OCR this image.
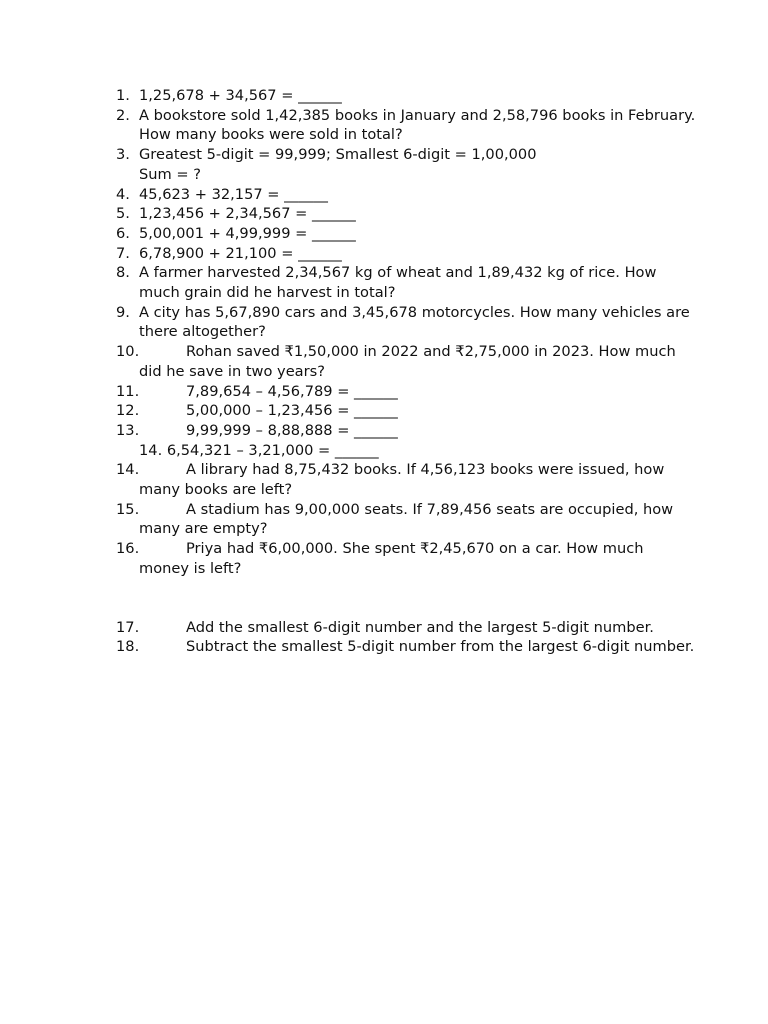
1. 1,25,678 + 34,567 = ______
2. A bookstore sold 1,42,385 books in January and 2,58,796 books in February. How many books were sold in total?
3. Greatest 5-digit = 99,999; Smallest 6-digit = 1,00,000
Sum = ?
4. 45,623 + 32,157 = ______
5. 1,23,456 + 2,34,567 = ______
6. 5,00,001 + 4,99,999 = ______
7. 6,78,900 + 21,100 = ______
8. A farmer harvested 2,34,567 kg of wheat and 1,89,432 kg of rice. How much grain did he harvest in total?
9. A city has 5,67,890 cars and 3,45,678 motorcycles. How many vehicles are there altogether?
10.	Rohan saved ₹1,50,000 in 2022 and ₹2,75,000 in 2023. How much did he save in two years?
11.	7,89,654 – 4,56,789 = ______
12.	5,00,000 – 1,23,456 = ______
13.	9,99,999 – 8,88,888 = ______
14. 6,54,321 – 3,21,000 = ______
14.	A library had 8,75,432 books. If 4,56,123 books were issued, how many books are left?
15.	A stadium has 9,00,000 seats. If 7,89,456 seats are occupied, how many are empty?
16.	Priya had ₹6,00,000. She spent ₹2,45,670 on a car. How much money is left?
17.	Add the smallest 6-digit number and the largest 5-digit number.
18.	Subtract the smallest 5-digit number from the largest 6-digit number.
